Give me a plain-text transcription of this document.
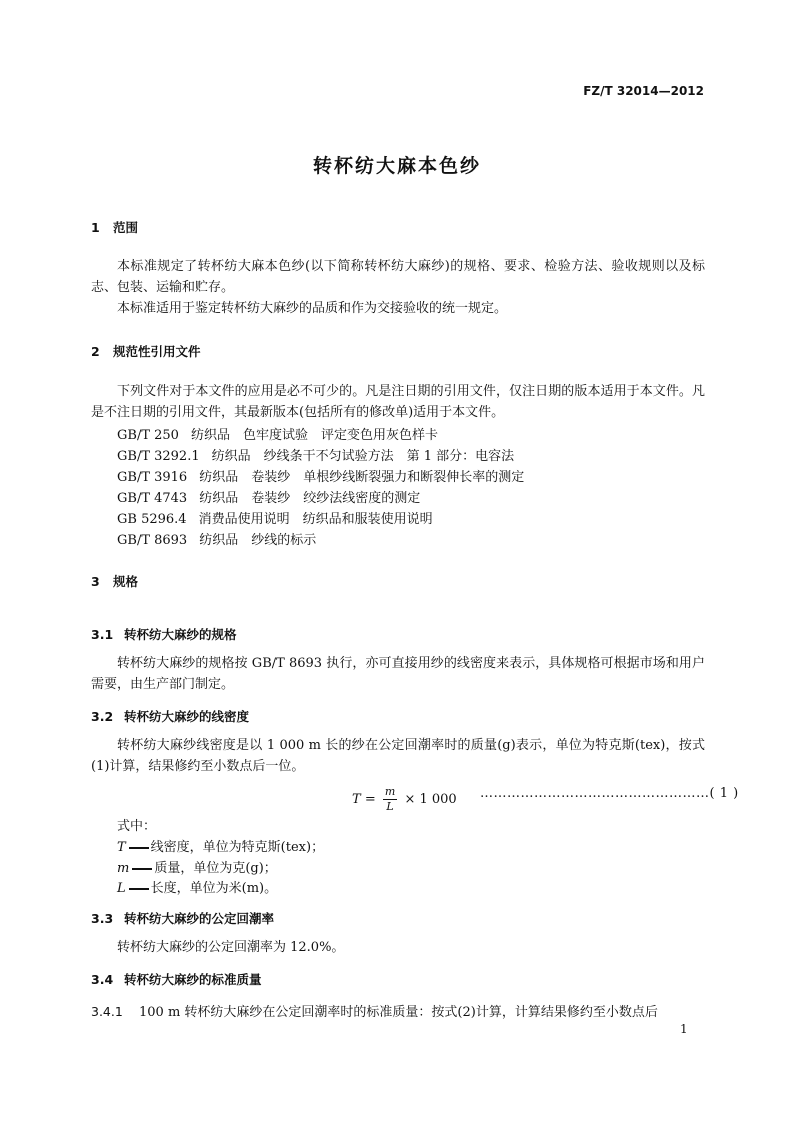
FZ/T 32014—2012
转杯纺大麻本色纱
1 范围
本标准规定了转杯纺大麻本色纱(以下简称转杯纺大麻纱)的规格、要求、检验方法、验收规则以及标志、包装、运输和贮存。
本标准适用于鉴定转杯纺大麻纱的品质和作为交接验收的统一规定。
2 规范性引用文件
下列文件对于本文件的应用是必不可少的。凡是注日期的引用文件，仅注日期的版本适用于本文件。凡是不注日期的引用文件，其最新版本(包括所有的修改单)适用于本文件。
GB/T 250 纺织品　色牢度试验　评定变色用灰色样卡
GB/T 3292.1 纺织品　纱线条干不匀试验方法　第 1 部分：电容法
GB/T 3916 纺织品　卷装纱　单根纱线断裂强力和断裂伸长率的测定
GB/T 4743 纺织品　卷装纱　绞纱法线密度的测定
GB 5296.4 消费品使用说明　纺织品和服装使用说明
GB/T 8693 纺织品　纱线的标示
3 规格
3.1 转杯纺大麻纱的规格
转杯纺大麻纱的规格按 GB/T 8693 执行，亦可直接用纱的线密度来表示，具体规格可根据市场和用户需要，由生产部门制定。
3.2 转杯纺大麻纱的线密度
转杯纺大麻纱线密度是以 1 000 m 长的纱在公定回潮率时的质量(g)表示，单位为特克斯(tex)，按式(1)计算，结果修约至小数点后一位。
$T = \frac{m}{L} \times 1$ 000 ……………………………………………( 1 )
式中：
T 线密度，单位为特克斯(tex)；
m 质量，单位为克(g)；
L 长度，单位为米(m)。
3.3 转杯纺大麻纱的公定回潮率
转杯纺大麻纱的公定回潮率为 12.0%。
3.4 转杯纺大麻纱的标准质量
3.4.1 100 m 转杯纺大麻纱在公定回潮率时的标准质量：按式(2)计算，计算结果修约至小数点后
1
